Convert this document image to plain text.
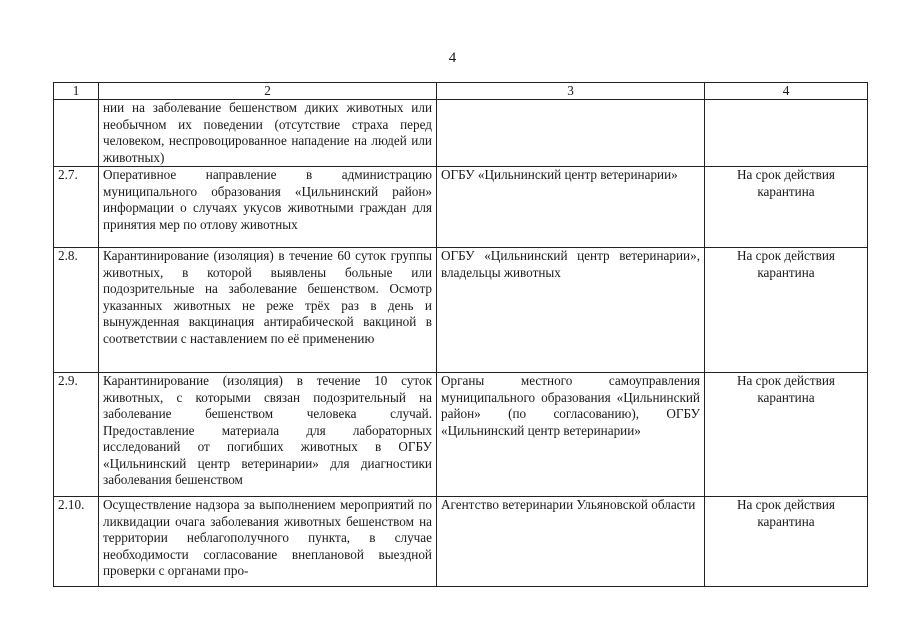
4
1	2	3	4
	нии на заболевание бешенством диких животных или необычном их поведении (отсутствие страха перед человеком, неспровоцированное нападение на людей или животных)		
2.7.	Оперативное направление в администрацию муниципального образования «Цильнинский район» информации о случаях укусов животными граждан для принятия мер по отлову животных	ОГБУ «Цильнинский центр ветеринарии»	На срок действия карантина
2.8.	Карантинирование (изоляция) в течение 60 суток группы животных, в которой выявлены больные или подозрительные на заболевание бешенством. Осмотр указанных животных не реже трёх раз в день и вынужденная вакцинация антирабической вакциной в соответствии с наставлением по её применению	ОГБУ «Цильнинский центр ветеринарии», владельцы животных	На срок действия карантина
2.9.	Карантинирование (изоляция) в течение 10 суток животных, с которыми связан подозрительный на заболевание бешенством человека случай. Предоставление материала для лабораторных исследований от погибших животных в ОГБУ «Цильнинский центр ветеринарии» для диагностики заболевания бешенством	Органы местного самоуправления муниципального образования «Цильнинский район» (по согласованию), ОГБУ «Цильнинский центр ветеринарии»	На срок действия карантина
2.10.	Осуществление надзора за выполнением мероприятий по ликвидации очага заболевания животных бешенством на территории неблагополучного пункта, в случае необходимости согласование внеплановой выездной проверки с органами про-	Агентство ветеринарии Ульяновской области	На срок действия карантина
